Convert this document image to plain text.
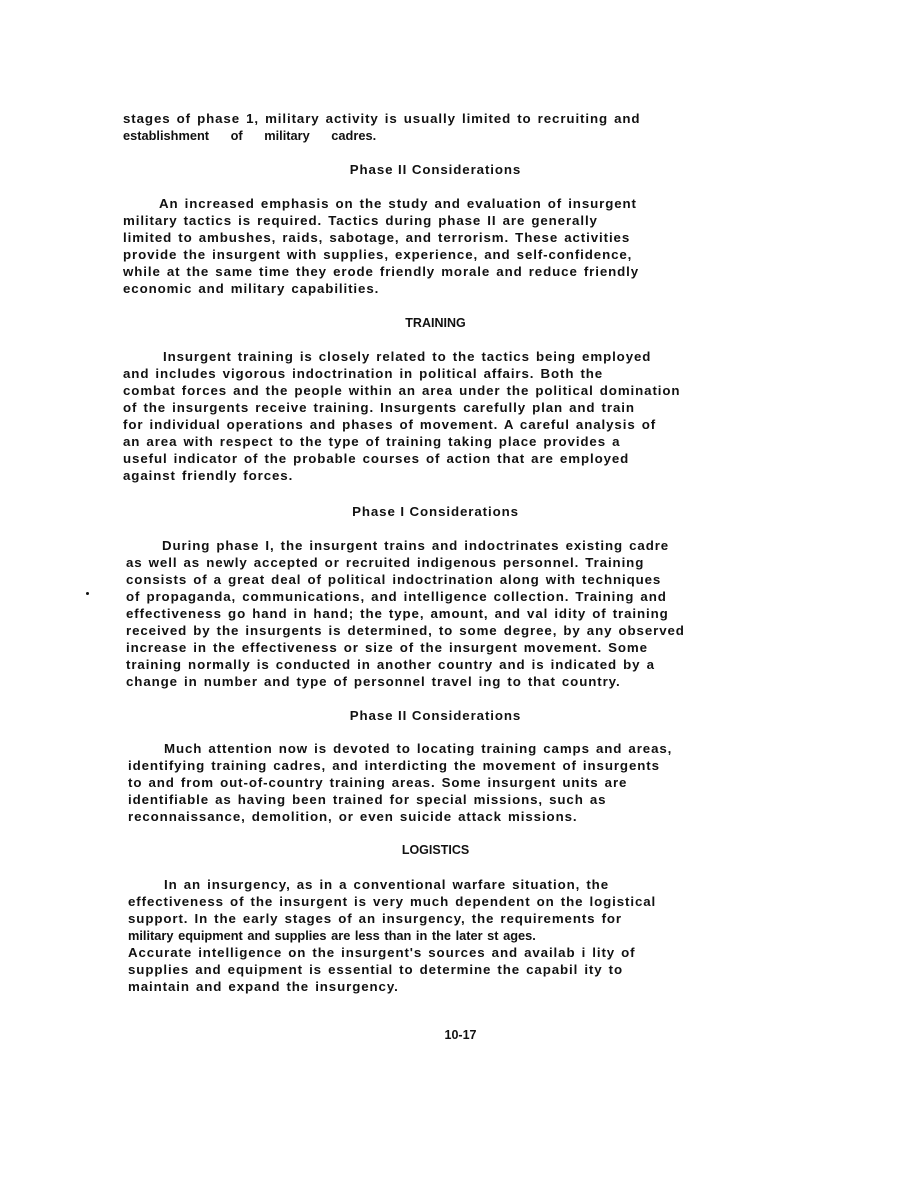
stages of phase 1, military activity is usually limited to recruiting and
establishment of military cadres.
Phase II Considerations
An increased emphasis on the study and evaluation of insurgent
military tactics is required. Tactics during phase II are generally
limited to ambushes, raids, sabotage, and terrorism. These activities
provide the insurgent with supplies, experience, and self-confidence,
while at the same time they erode friendly morale and reduce friendly
economic and military capabilities.
TRAINING
Insurgent training is closely related to the tactics being employed
and includes vigorous indoctrination in political affairs. Both the
combat forces and the people within an area under the political domination
of the insurgents receive training. Insurgents carefully plan and train
for individual operations and phases of movement. A careful analysis of
an area with respect to the type of training taking place provides a
useful indicator of the probable courses of action that are employed
against friendly forces.
Phase I Considerations
During phase I, the insurgent trains and indoctrinates existing cadre
as well as newly accepted or recruited indigenous personnel. Training
consists of a great deal of political indoctrination along with techniques
of propaganda, communications, and intelligence collection. Training and
effectiveness go hand in hand; the type, amount, and val idity of training
received by the insurgents is determined, to some degree, by any observed
increase in the effectiveness or size of the insurgent movement. Some
training normally is conducted in another country and is indicated by a
change in number and type of personnel travel ing to that country.
Phase II Considerations
Much attention now is devoted to locating training camps and areas,
identifying training cadres, and interdicting the movement of insurgents
to and from out-of-country training areas. Some insurgent units are
identifiable as having been trained for special missions, such as
reconnaissance, demolition, or even suicide attack missions.
LOGISTICS
In an insurgency, as in a conventional warfare situation, the
effectiveness of the insurgent is very much dependent on the logistical
support. In the early stages of an insurgency, the requirements for
military equipment and supplies are less than in the later st ages.
Accurate intelligence on the insurgent's sources and availab i lity of
supplies and equipment is essential to determine the capabil ity to
maintain and expand the insurgency.
10-17
